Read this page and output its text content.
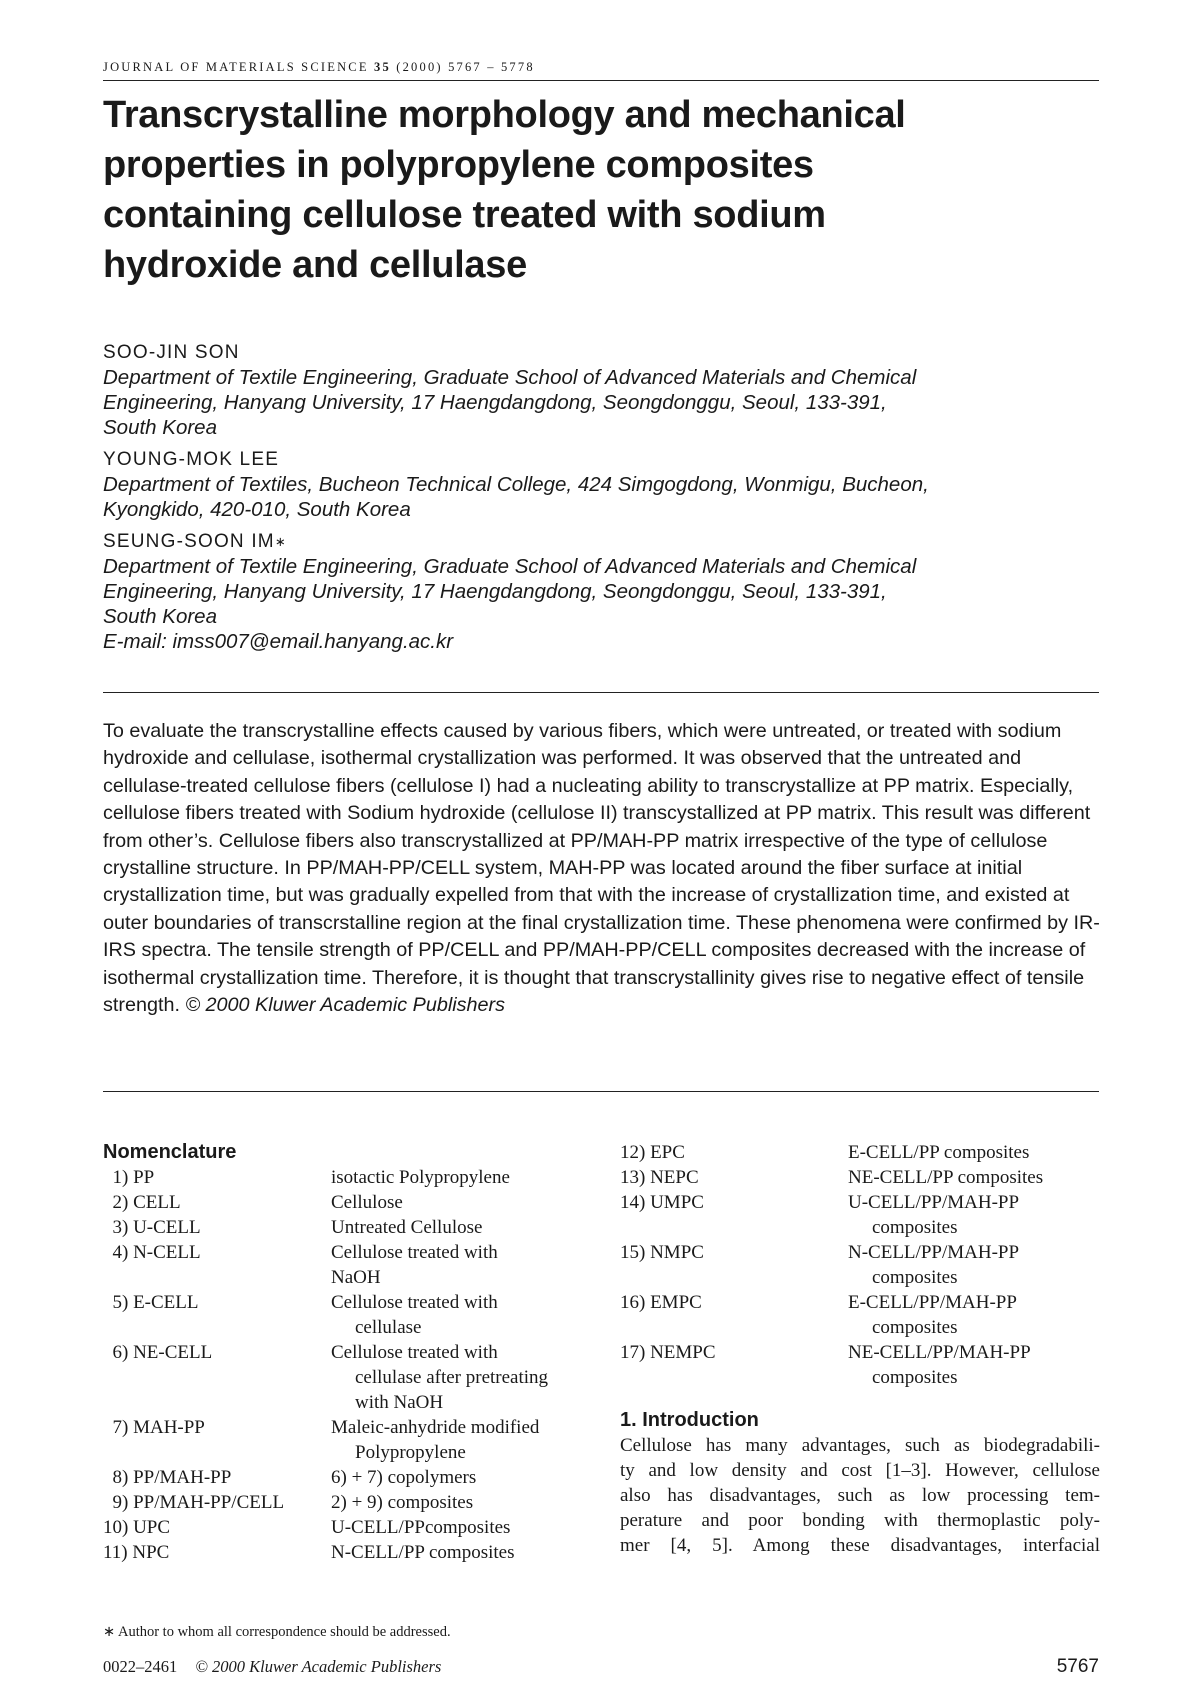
JOURNAL OF MATERIALS SCIENCE 35 (2000) 5767 – 5778
Transcrystalline morphology and mechanical
properties in polypropylene composites
containing cellulose treated with sodium
hydroxide and cellulase
SOO-JIN SON
Department of Textile Engineering, Graduate School of Advanced Materials and Chemical
Engineering, Hanyang University, 17 Haengdangdong, Seongdonggu, Seoul, 133-391,
South Korea
YOUNG-MOK LEE
Department of Textiles, Bucheon Technical College, 424 Simgogdong, Wonmigu, Bucheon,
Kyongkido, 420-010, South Korea
SEUNG-SOON IM∗
Department of Textile Engineering, Graduate School of Advanced Materials and Chemical
Engineering, Hanyang University, 17 Haengdangdong, Seongdonggu, Seoul, 133-391,
South Korea
E-mail: imss007@email.hanyang.ac.kr
To evaluate the transcrystalline effects caused by various fibers, which were untreated, or treated with sodium hydroxide and cellulase, isothermal crystallization was performed. It was observed that the untreated and cellulase-treated cellulose fibers (cellulose I) had a nucleating ability to transcrystallize at PP matrix. Especially, cellulose fibers treated with Sodium hydroxide (cellulose II) transcystallized at PP matrix. This result was different from other’s. Cellulose fibers also transcrystallized at PP/MAH-PP matrix irrespective of the type of cellulose crystalline structure. In PP/MAH-PP/CELL system, MAH-PP was located around the fiber surface at initial crystallization time, but was gradually expelled from that with the increase of crystallization time, and existed at outer boundaries of transcrstalline region at the final crystallization time. These phenomena were confirmed by IR-IRS spectra. The tensile strength of PP/CELL and PP/MAH-PP/CELL composites decreased with the increase of isothermal crystallization time. Therefore, it is thought that transcrystallinity gives rise to negative effect of tensile strength. © 2000 Kluwer Academic Publishers
Nomenclature
1) PP	isotactic Polypropylene
2) CELL	Cellulose
3) U-CELL	Untreated Cellulose
4) N-CELL	Cellulose treated with
NaOH
5) E-CELL	Cellulose treated with
cellulase
6) NE-CELL	Cellulose treated with
cellulase after pretreating
with NaOH
7) MAH-PP	Maleic-anhydride modified
Polypropylene
8) PP/MAH-PP	6) + 7) copolymers
9) PP/MAH-PP/CELL	2) + 9) composites
10) UPC	U-CELL/PPcomposites
11) NPC	N-CELL/PP composites
12) EPC	E-CELL/PP composites
13) NEPC	NE-CELL/PP composites
14) UMPC	U-CELL/PP/MAH-PP
composites
15) NMPC	N-CELL/PP/MAH-PP
composites
16) EMPC	E-CELL/PP/MAH-PP
composites
17) NEMPC	NE-CELL/PP/MAH-PP
composites
1. Introduction
Cellulose has many advantages, such as biodegradabili-
ty and low density and cost [1–3]. However, cellulose
also has disadvantages, such as low processing tem-
perature and poor bonding with thermoplastic poly-
mer [4, 5]. Among these disadvantages, interfacial
∗ Author to whom all correspondence should be addressed.
0022–2461 © 2000 Kluwer Academic Publishers	5767
